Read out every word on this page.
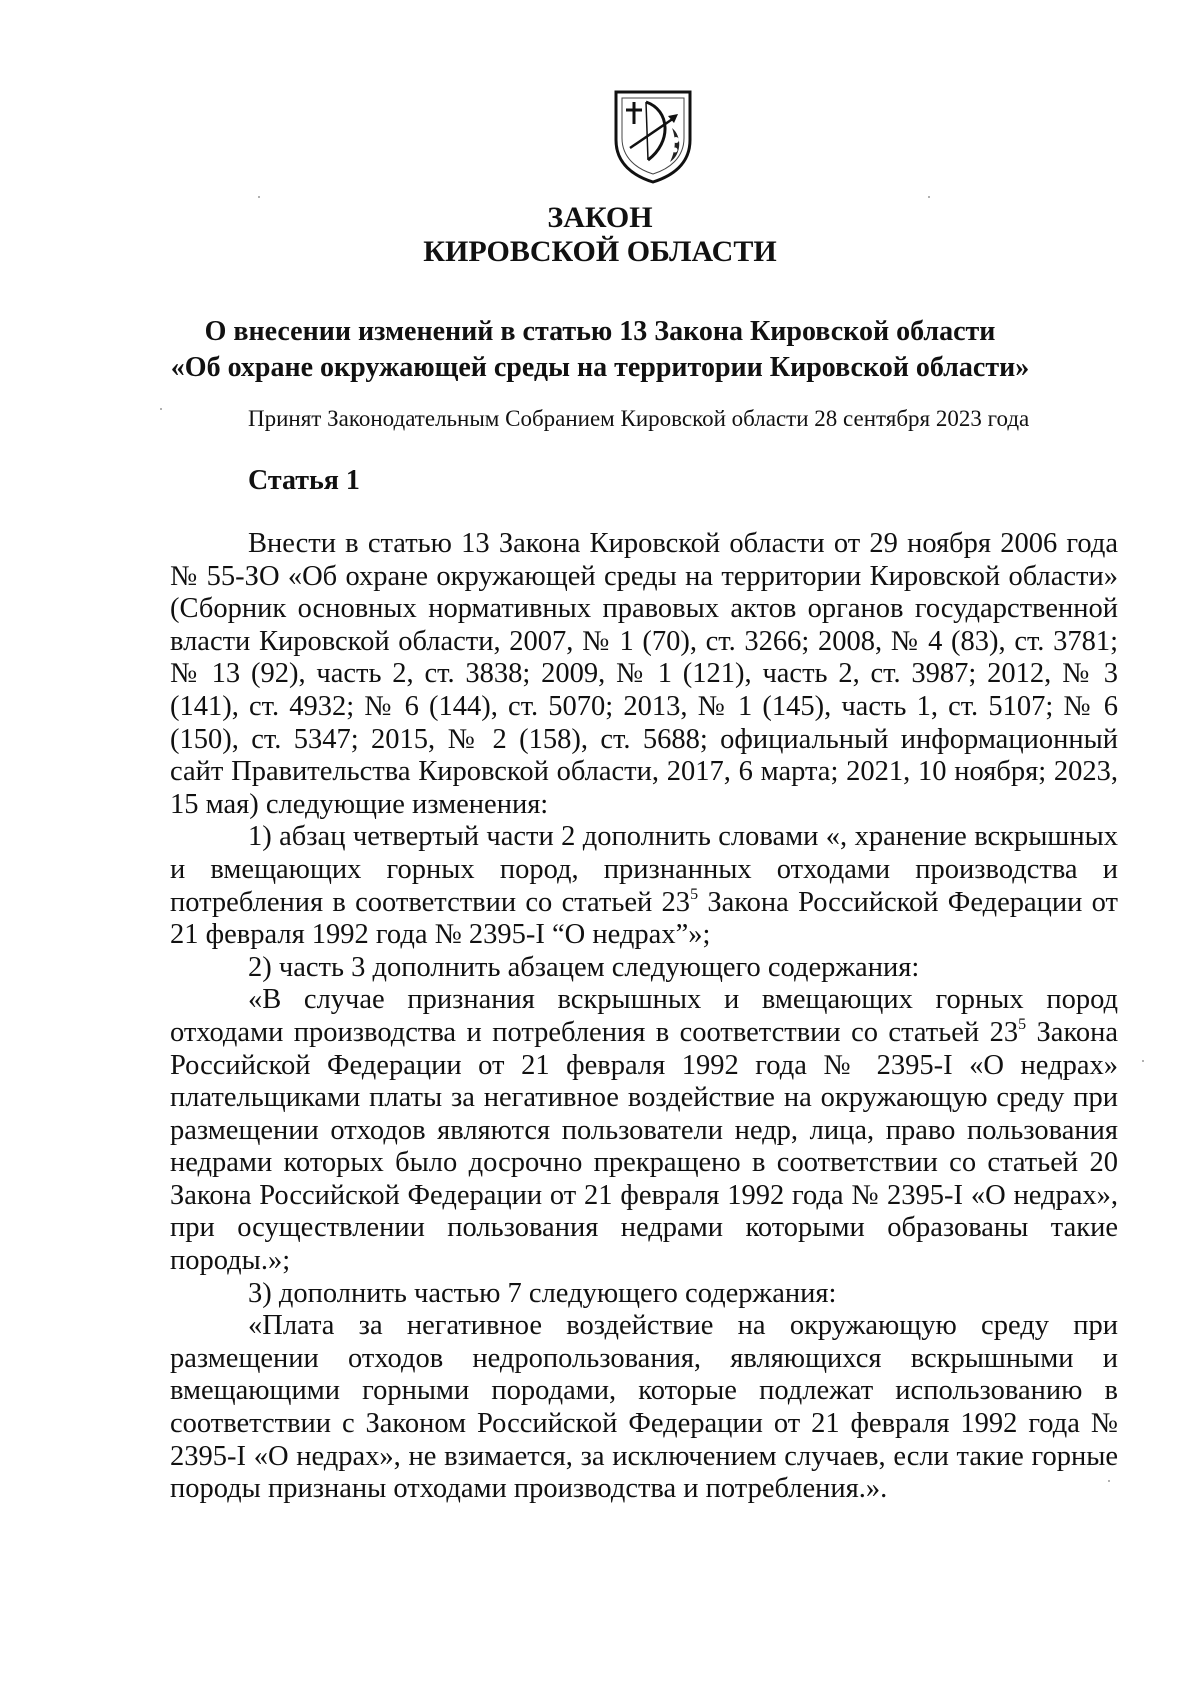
ЗАКОН
КИРОВСКОЙ ОБЛАСТИ
О внесении изменений в статью 13 Закона Кировской области
«Об охране окружающей среды на территории Кировской области»
Принят Законодательным Собранием Кировской области 28 сентября 2023 года
Статья 1

Внести в статью 13 Закона Кировской области от 29 ноября 2006 года № 55-ЗО «Об охране окружающей среды на территории Кировской области» (Сборник основных нормативных правовых актов органов государственной власти Кировской области, 2007, № 1 (70), ст. 3266; 2008, № 4 (83), ст. 3781; № 13 (92), часть 2, ст. 3838; 2009, № 1 (121), часть 2, ст. 3987; 2012, № 3 (141), ст. 4932; № 6 (144), ст. 5070; 2013, № 1 (145), часть 1, ст. 5107; № 6 (150), ст. 5347; 2015, № 2 (158), ст. 5688; официальный информационный сайт Правительства Кировской области, 2017, 6 марта; 2021, 10 ноября; 2023, 15 мая) следующие изменения:

1) абзац четвертый части 2 дополнить словами «, хранение вскрышных и вмещающих горных пород, признанных отходами производства и потребления в соответствии со статьей $23^5$ Закона Российской Федерации от 21 февраля 1992 года № 2395-I “О недрах”»;

2) часть 3 дополнить абзацем следующего содержания:

«В случае признания вскрышных и вмещающих горных пород отходами производства и потребления в соответствии со статьей $23^5$ Закона Российской Федерации от 21 февраля 1992 года № 2395-I «О недрах» плательщиками платы за негативное воздействие на окружающую среду при размещении отходов являются пользователи недр, лица, право пользования недрами которых было досрочно прекращено в соответствии со статьей 20 Закона Российской Федерации от 21 февраля 1992 года № 2395-I «О недрах», при осуществлении пользования недрами которыми образованы такие породы.»;

3) дополнить частью 7 следующего содержания:

«Плата за негативное воздействие на окружающую среду при размещении отходов недропользования, являющихся вскрышными и вмещающими горными породами, которые подлежат использованию в соответствии с Законом Российской Федерации от 21 февраля 1992 года № 2395-I «О недрах», не взимается, за исключением случаев, если такие горные породы признаны отходами производства и потребления.».
